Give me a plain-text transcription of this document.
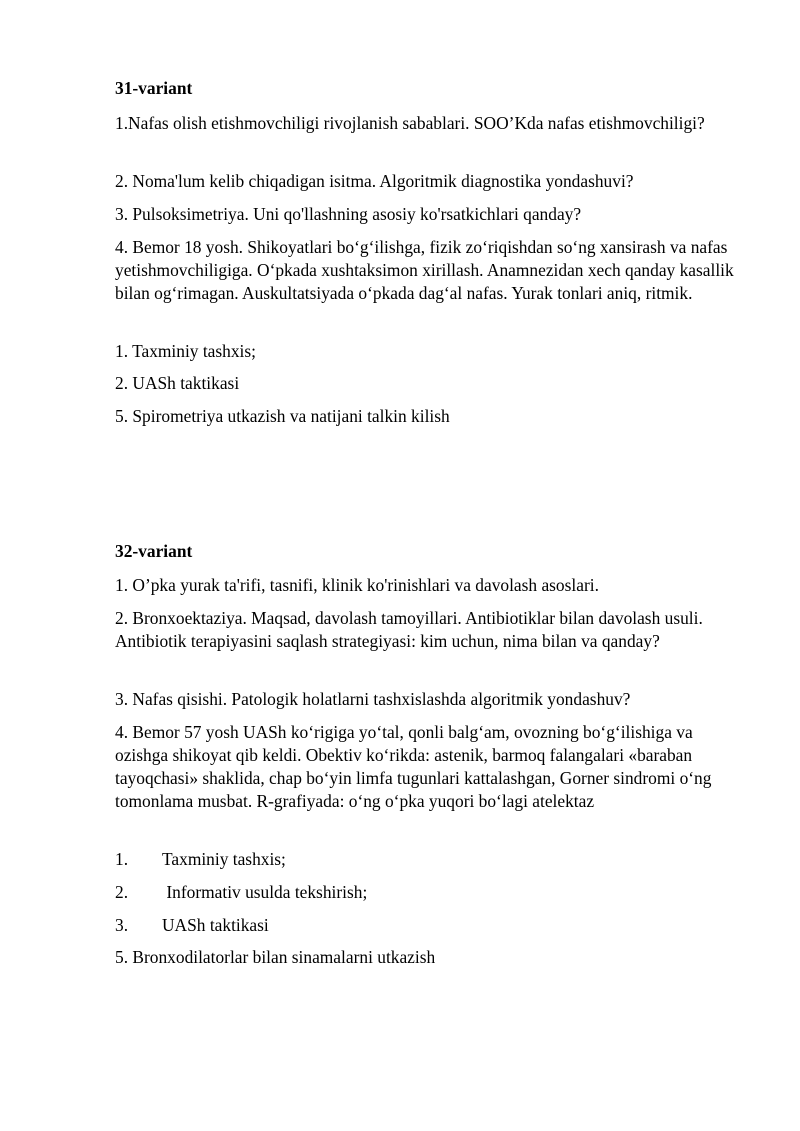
31-variant
1.Nafas olish etishmovchiligi rivojlanish sabablari. SOO’Kda nafas etishmovchiligi?
2. Noma'lum kelib chiqadigan isitma. Algoritmik diagnostika yondashuvi?
3. Pulsoksimetriya. Uni qo'llashning asosiy ko'rsatkichlari qanday?
4. Bemor 18 yosh. Shikoyatlari bo‘g‘ilishga, fizik zo‘riqishdan so‘ng xansirash va nafas yetishmovchiligiga. O‘pkada xushtaksimon xirillash. Anamnezidan xech qanday kasallik bilan og‘rimagan. Auskultatsiyada o‘pkada dag‘al nafas. Yurak tonlari aniq, ritmik.
1. Taxminiy tashxis;
2. UASh taktikasi
5. Spirometriya utkazish va natijani talkin kilish
32-variant
1. O’pka yurak ta'rifi, tasnifi, klinik ko'rinishlari va davolash asoslari.
2. Bronxoektaziya. Maqsad, davolash tamoyillari. Antibiotiklar bilan davolash usuli. Antibiotik terapiyasini saqlash strategiyasi: kim uchun, nima bilan va qanday?
3. Nafas qisishi. Patologik holatlarni tashxislashda algoritmik yondashuv?
4. Bemor 57 yosh UASh ko‘rigiga yo‘tal, qonli balg‘am, ovozning bo‘g‘ilishiga va ozishga shikoyat qib keldi. Obektiv ko‘rikda: astenik, barmoq falangalari «baraban tayoqchasi» shaklida, chap bo‘yin limfa tugunlari kattalashgan, Gorner sindromi o‘ng tomonlama musbat. R-grafiyada: o‘ng o‘pka yuqori bo‘lagi atelektaz
1. Taxminiy tashxis;
2. Informativ usulda tekshirish;
3. UASh taktikasi
5. Bronxodilatorlar bilan sinamalarni utkazish
